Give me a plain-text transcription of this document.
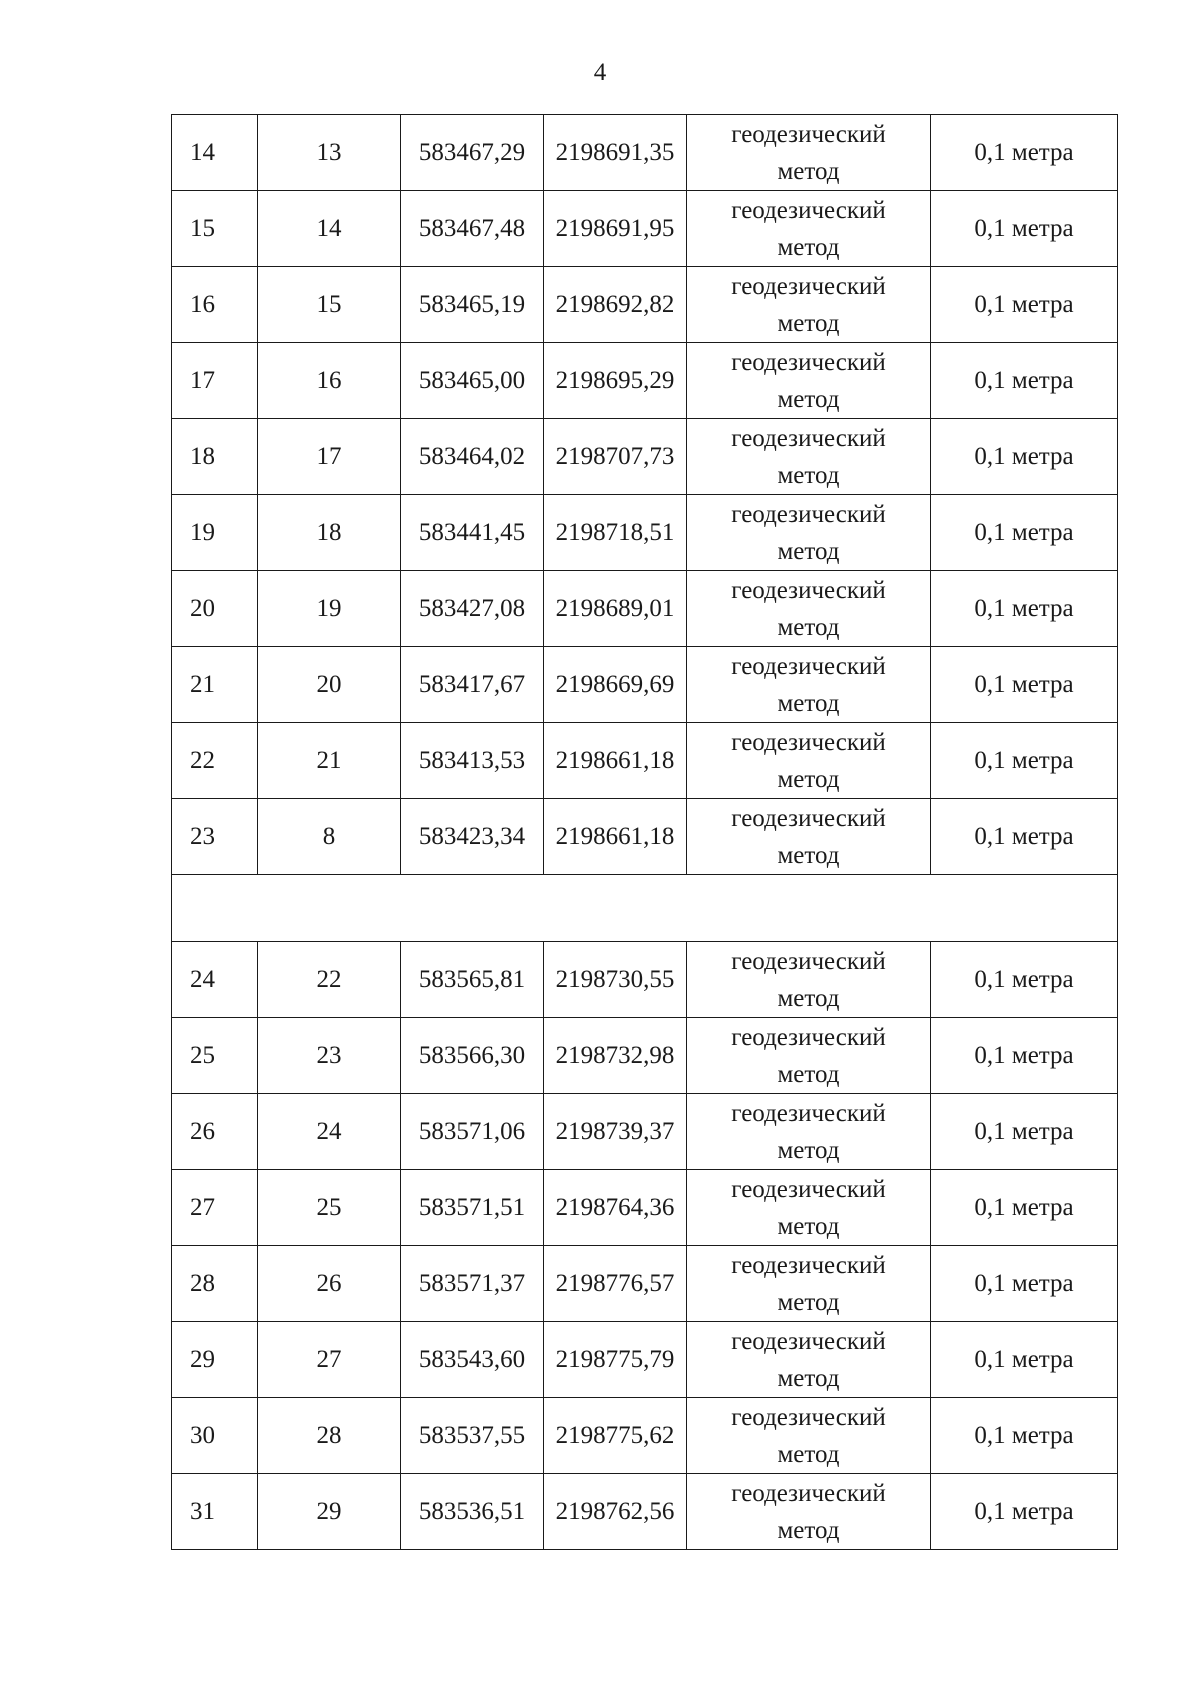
4
14	13	583467,29	2198691,35	геодезический
метод	0,1 метра
15	14	583467,48	2198691,95	геодезический
метод	0,1 метра
16	15	583465,19	2198692,82	геодезический
метод	0,1 метра
17	16	583465,00	2198695,29	геодезический
метод	0,1 метра
18	17	583464,02	2198707,73	геодезический
метод	0,1 метра
19	18	583441,45	2198718,51	геодезический
метод	0,1 метра
20	19	583427,08	2198689,01	геодезический
метод	0,1 метра
21	20	583417,67	2198669,69	геодезический
метод	0,1 метра
22	21	583413,53	2198661,18	геодезический
метод	0,1 метра
23	8	583423,34	2198661,18	геодезический
метод	0,1 метра

24	22	583565,81	2198730,55	геодезический
метод	0,1 метра
25	23	583566,30	2198732,98	геодезический
метод	0,1 метра
26	24	583571,06	2198739,37	геодезический
метод	0,1 метра
27	25	583571,51	2198764,36	геодезический
метод	0,1 метра
28	26	583571,37	2198776,57	геодезический
метод	0,1 метра
29	27	583543,60	2198775,79	геодезический
метод	0,1 метра
30	28	583537,55	2198775,62	геодезический
метод	0,1 метра
31	29	583536,51	2198762,56	геодезический
метод	0,1 метра
